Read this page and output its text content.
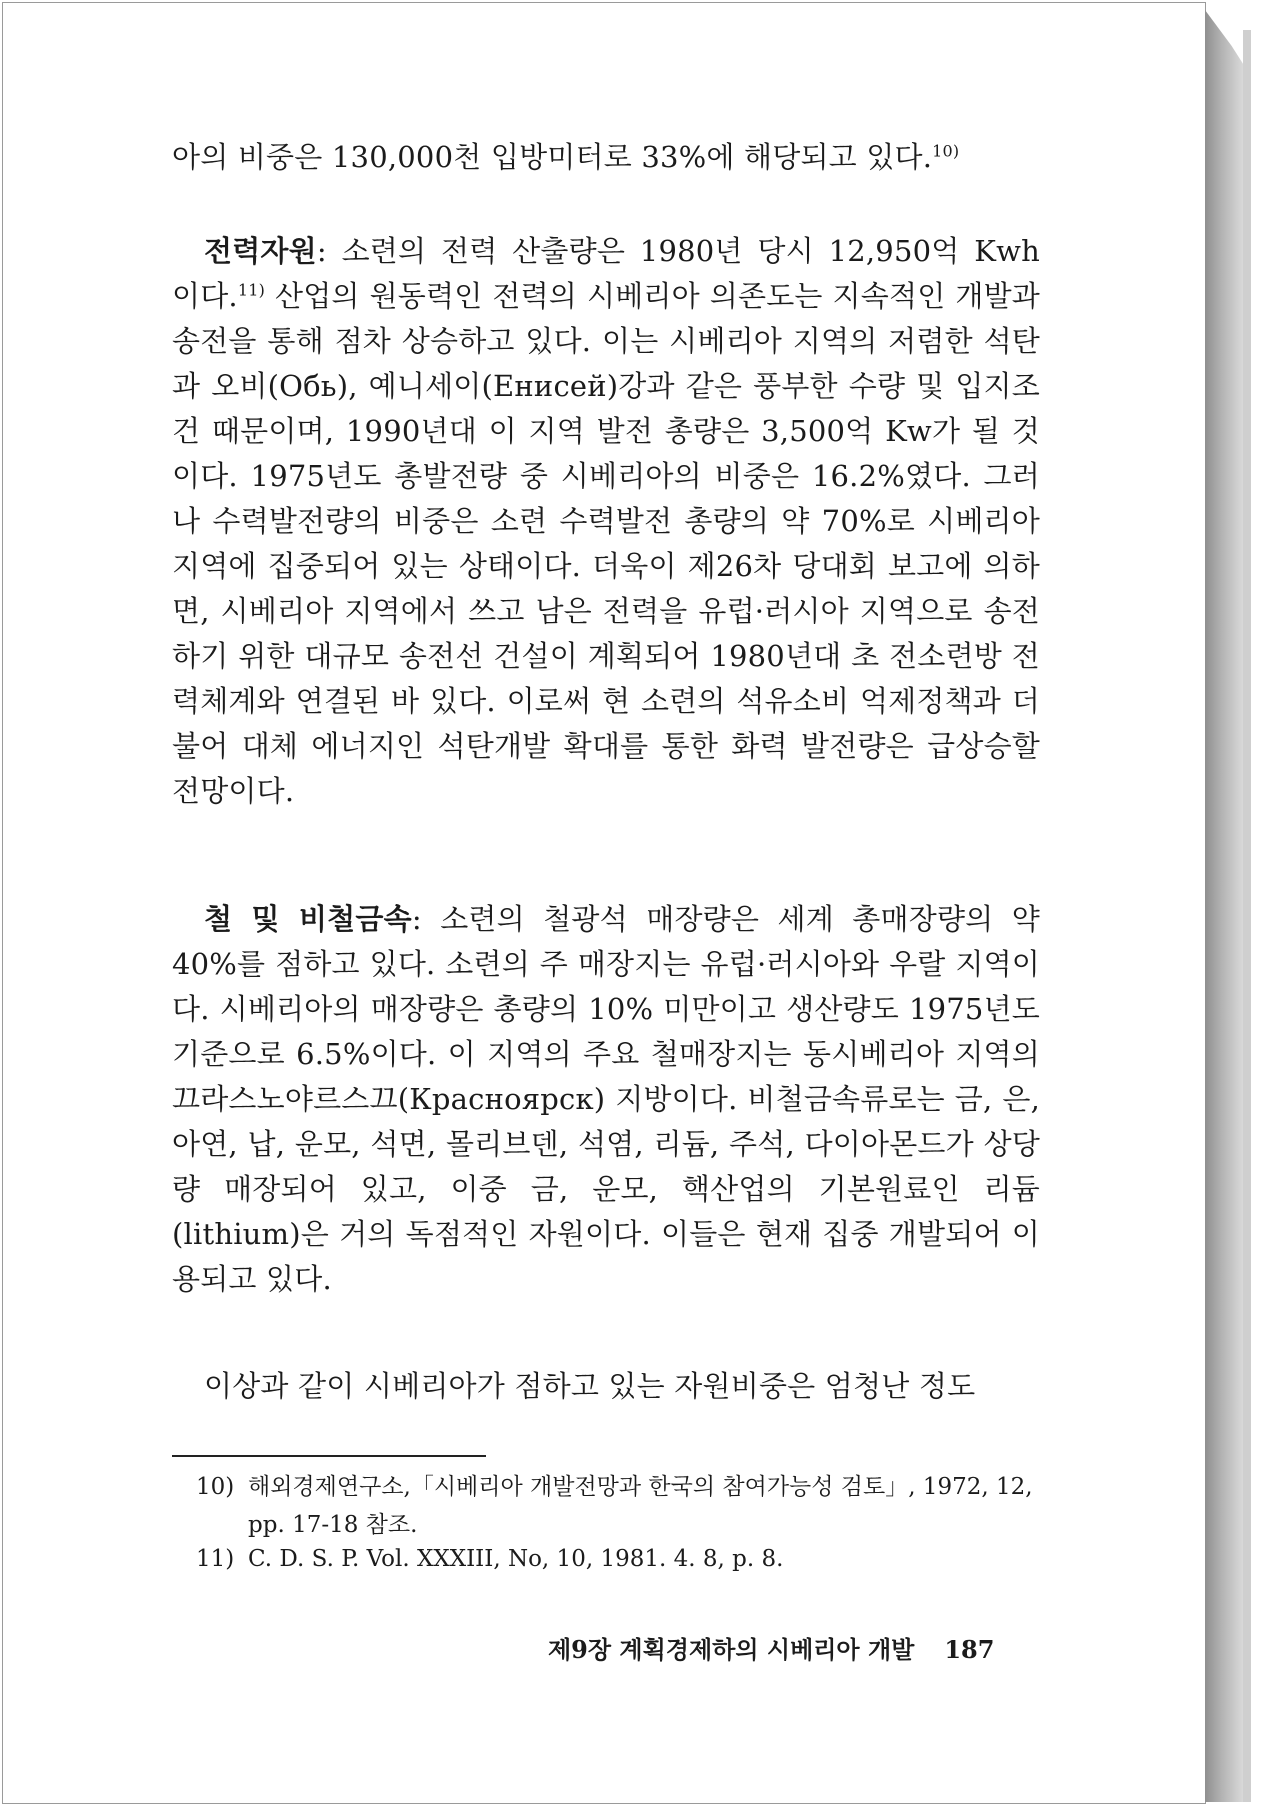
아의 비중은 130,000천 입방미터로 33%에 해당되고 있다.$^{10)}$

전력자원: 소련의 전력 산출량은 1980년 당시 12,950억 Kwh 이다.$^{11)}$ 산업의 원동력인 전력의 시베리아 의존도는 지속적인 개발과 송전을 통해 점차 상승하고 있다. 이는 시베리아 지역의 저렴한 석탄과 오비(Обь), 예니세이(Енисей)강과 같은 풍부한 수량 및 입지조건 때문이며, 1990년대 이 지역 발전 총량은 3,500억 Kw가 될 것이다. 1975년도 총발전량 중 시베리아의 비중은 16.2%였다. 그러나 수력발전량의 비중은 소련 수력발전 총량의 약 70%로 시베리아 지역에 집중되어 있는 상태이다. 더욱이 제26차 당대회 보고에 의하면, 시베리아 지역에서 쓰고 남은 전력을 유럽·러시아 지역으로 송전하기 위한 대규모 송전선 건설이 계획되어 1980년대 초 전소련방 전력체계와 연결된 바 있다. 이로써 현 소련의 석유소비 억제정책과 더불어 대체 에너지인 석탄개발 확대를 통한 화력 발전량은 급상승할 전망이다.

철 및 비철금속: 소련의 철광석 매장량은 세계 총매장량의 약 40%를 점하고 있다. 소련의 주 매장지는 유럽·러시아와 우랄 지역이다. 시베리아의 매장량은 총량의 10% 미만이고 생산량도 1975년도 기준으로 6.5%이다. 이 지역의 주요 철매장지는 동시베리아 지역의 끄라스노야르스끄(Красноярск) 지방이다. 비철금속류로는 금, 은, 아연, 납, 운모, 석면, 몰리브덴, 석염, 리듐, 주석, 다이아몬드가 상당량 매장되어 있고, 이중 금, 운모, 핵산업의 기본원료인 리듐(lithium)은 거의 독점적인 자원이다. 이들은 현재 집중 개발되어 이용되고 있다.

이상과 같이 시베리아가 점하고 있는 자원비중은 엄청난 정도

10) 해외경제연구소,「시베리아 개발전망과 한국의 참여가능성 검토」, 1972, 12,
pp. 17-18 참조.

11) C. D. S. P. Vol. XXXIII, No, 10, 1981. 4. 8, p. 8.

제9장 계획경제하의 시베리아 개발 187
